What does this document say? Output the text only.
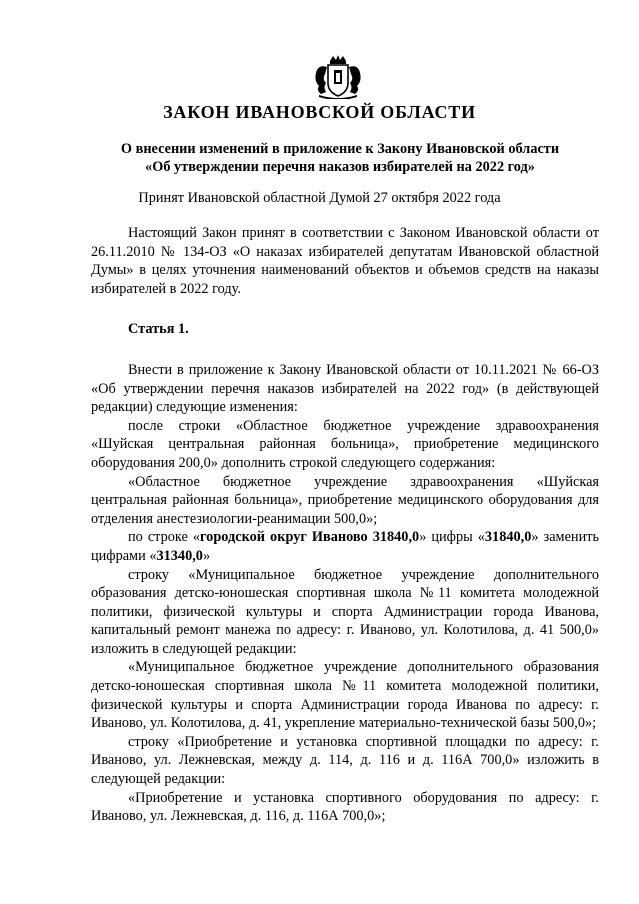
ЗАКОН ИВАНОВСКОЙ ОБЛАСТИ
О внесении изменений в приложение к Закону Ивановской области
«Об утверждении перечня наказов избирателей на 2022 год»
Принят Ивановской областной Думой 27 октября 2022 года

Настоящий Закон принят в соответствии с Законом Ивановской области от 26.11.2010 № 134-ОЗ «О наказах избирателей депутатам Ивановской областной Думы» в целях уточнения наименований объектов и объемов средств на наказы избирателей в 2022 году.

Статья 1.

Внести в приложение к Закону Ивановской области от 10.11.2021 № 66-ОЗ «Об утверждении перечня наказов избирателей на 2022 год» (в действующей редакции) следующие изменения:

после строки «Областное бюджетное учреждение здравоохранения «Шуйская центральная районная больница», приобретение медицинского оборудования 200,0» дополнить строкой следующего содержания:

«Областное бюджетное учреждение здравоохранения «Шуйская центральная районная больница», приобретение медицинского оборудования для отделения анестезиологии-реанимации 500,0»;

по строке «городской округ Иваново 31840,0» цифры «31840,0» заменить цифрами «31340,0»

строку «Муниципальное бюджетное учреждение дополнительного образования детско-юношеская спортивная школа №11 комитета молодежной политики, физической культуры и спорта Администрации города Иванова, капитальный ремонт манежа по адресу: г. Иваново, ул. Колотилова, д. 41 500,0» изложить в следующей редакции:

«Муниципальное бюджетное учреждение дополнительного образования детско-юношеская спортивная школа №11 комитета молодежной политики, физической культуры и спорта Администрации города Иванова по адресу: г. Иваново, ул. Колотилова, д. 41, укрепление материально-технической базы 500,0»;

строку «Приобретение и установка спортивной площадки по адресу: г. Иваново, ул. Лежневская, между д. 114, д. 116 и д. 116А 700,0» изложить в следующей редакции:

«Приобретение и установка спортивного оборудования по адресу: г. Иваново, ул. Лежневская, д. 116, д. 116А 700,0»;
